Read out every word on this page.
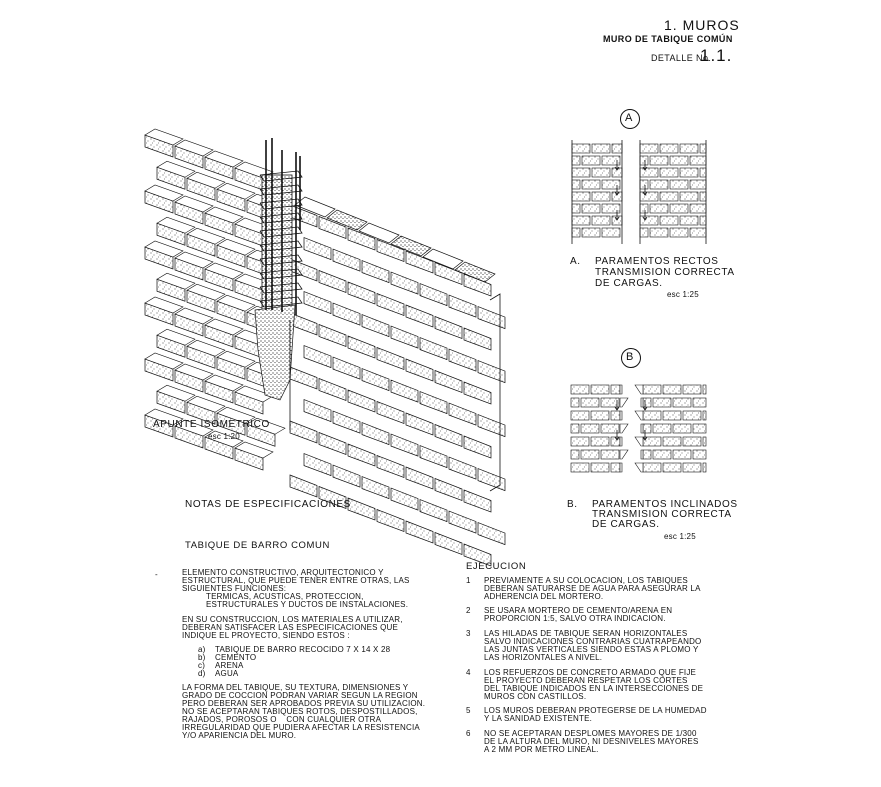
1. MUROS
MURO DE TABIQUE COMÚN
DETALLE No.
1.1.
A
B
APUNTE ISOMETRICO
esc 1:20
A. PARAMENTOS RECTOS
TRANSMISION CORRECTA
DE CARGAS.
esc 1:25
B. PARAMENTOS INCLINADOS
TRANSMISION CORRECTA
DE CARGAS.
esc 1:25
NOTAS DE ESPECIFICACIONES
TABIQUE DE BARRO COMUN
-	ELEMENTO CONSTRUCTIVO, ARQUITECTONICO Y
ESTRUCTURAL, QUE PUEDE TENER ENTRE OTRAS, LAS
SIGUIENTES FUNCIONES:
TERMICAS, ACUSTICAS, PROTECCION,
ESTRUCTURALES Y DUCTOS DE INSTALACIONES.
EN SU CONSTRUCCION, LOS MATERIALES A UTILIZAR,
DEBERAN SATISFACER LAS ESPECIFICACIONES QUE
INDIQUE EL PROYECTO, SIENDO ESTOS :
a) TABIQUE DE BARRO RECOCIDO 7 X 14 X 28
b) CEMENTO
c) ARENA
d) AGUA
LA FORMA DEL TABIQUE, SU TEXTURA, DIMENSIONES Y
GRADO DE COCCION PODRAN VARIAR SEGUN LA REGION
PERO DEBERAN SER APROBADOS PREVIA SU UTILIZACION.
NO SE ACEPTARAN TABIQUES ROTOS, DESPOSTILLADOS,
RAJADOS, POROSOS O    CON CUALQUIER OTRA
IRREGULARIDAD QUE PUDIERA AFECTAR LA RESISTENCIA
Y/O APARIENCIA DEL MURO.
EJECUCION
1 PREVIAMENTE A SU COLOCACION, LOS TABIQUES
DEBERAN SATURARSE DE AGUA PARA ASEGURAR LA
ADHERENCIA DEL MORTERO.
2 SE USARA MORTERO DE CEMENTO/ARENA EN
PROPORCION 1:5, SALVO OTRA INDICACION.
3 LAS HILADAS DE TABIQUE SERAN HORIZONTALES
SALVO INDICACIONES CONTRARIAS CUATRAPEANDO
LAS JUNTAS VERTICALES SIENDO ESTAS A PLOMO Y
LAS HORIZONTALES A NIVEL.
4 LOS REFUERZOS DE CONCRETO ARMADO QUE FIJE
EL PROYECTO DEBERAN RESPETAR LOS CORTES
DEL TABIQUE INDICADOS EN LA INTERSECCIONES DE
MUROS CON CASTILLOS.
5 LOS MUROS DEBERAN PROTEGERSE DE LA HUMEDAD
Y LA SANIDAD EXISTENTE.
6 NO SE ACEPTARAN DESPLOMES MAYORES DE 1/300
DE LA ALTURA DEL MURO, NI DESNIVELES MAYORES
A 2 MM POR METRO LINEAL.
